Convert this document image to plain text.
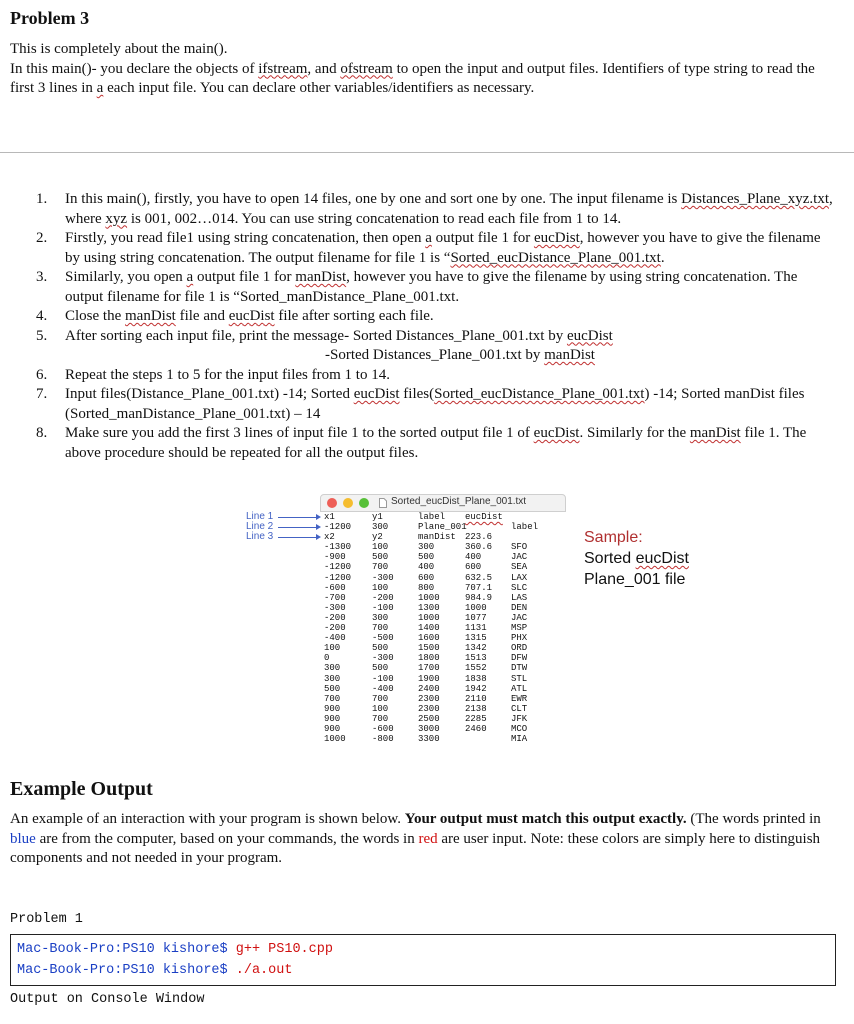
Problem 3

This is completely about the main().
In this main()- you declare the objects of ifstream, and ofstream to open the input and output files. Identifiers of type string to read the first 3 lines in a each input file. You can declare other variables/identifiers as necessary.

1. In this main(), firstly, you have to open 14 files, one by one and sort one by one. The input filename is Distances_Plane_xyz.txt, where xyz is 001, 002…014. You can use string concatenation to read each file from 1 to 14.
2. Firstly, you read file1 using string concatenation, then open a output file 1 for eucDist, however you have to give the filename by using string concatenation. The output filename for file 1 is “Sorted_eucDistance_Plane_001.txt.
3. Similarly, you open a output file 1 for manDist, however you have to give the filename by using string concatenation. The output filename for file 1 is “Sorted_manDistance_Plane_001.txt.
4. Close the manDist file and eucDist file after sorting each file.
5. After sorting each input file, print the message- Sorted Distances_Plane_001.txt by eucDist
-Sorted Distances_Plane_001.txt by manDist
6. Repeat the steps 1 to 5 for the input files from 1 to 14.
7. Input files(Distance_Plane_001.txt) -14; Sorted eucDist files(Sorted_eucDistance_Plane_001.txt) -14; Sorted manDist files (Sorted_manDistance_Plane_001.txt) – 14
8. Make sure you add the first 3 lines of input file 1 to the sorted output file 1 of eucDist. Similarly for the manDist file 1. The above procedure should be repeated for all the output files.
Sorted_eucDist_Plane_001.txt
x1
-1200
x2
-1300
-900
-1200
-1200
-600
-700
-300
-200
-200
-400
100
0
300
300
500
700
900
900
900
1000
y1
300
y2
100
500
700
-300
100
-200
-100
300
700
-500
500
-300
500
-100
-400
700
100
700
-600
-800
label
Plane_001
manDist
300
500
400
600
800
1000
1300
1000
1400
1600
1500
1800
1700
1900
2400
2300
2300
2500
3000
3300
eucDist
223.6
360.6
400
600
632.5
707.1
984.9
1000
1077
1131
1315
1342
1513
1552
1838
1942
2110
2138
2285
2460
label
SFO
JAC
SEA
LAX
SLC
LAS
DEN
JAC
MSP
PHX
ORD
DFW
DTW
STL
ATL
EWR
CLT
JFK
MCO
MIA
Line 1
Line 2
Line 3	Sample:
Sorted eucDist
Plane_001 file
Example Output

An example of an interaction with your program is shown below. Your output must match this output exactly. (The words printed in blue are from the computer, based on your commands, the words in red are user input. Note: these colors are simply here to distinguish components and not needed in your program.

Problem 1
Mac-Book-Pro:PS10 kishore$ g++ PS10.cpp
Mac-Book-Pro:PS10 kishore$ ./a.out
Output on Console Window
